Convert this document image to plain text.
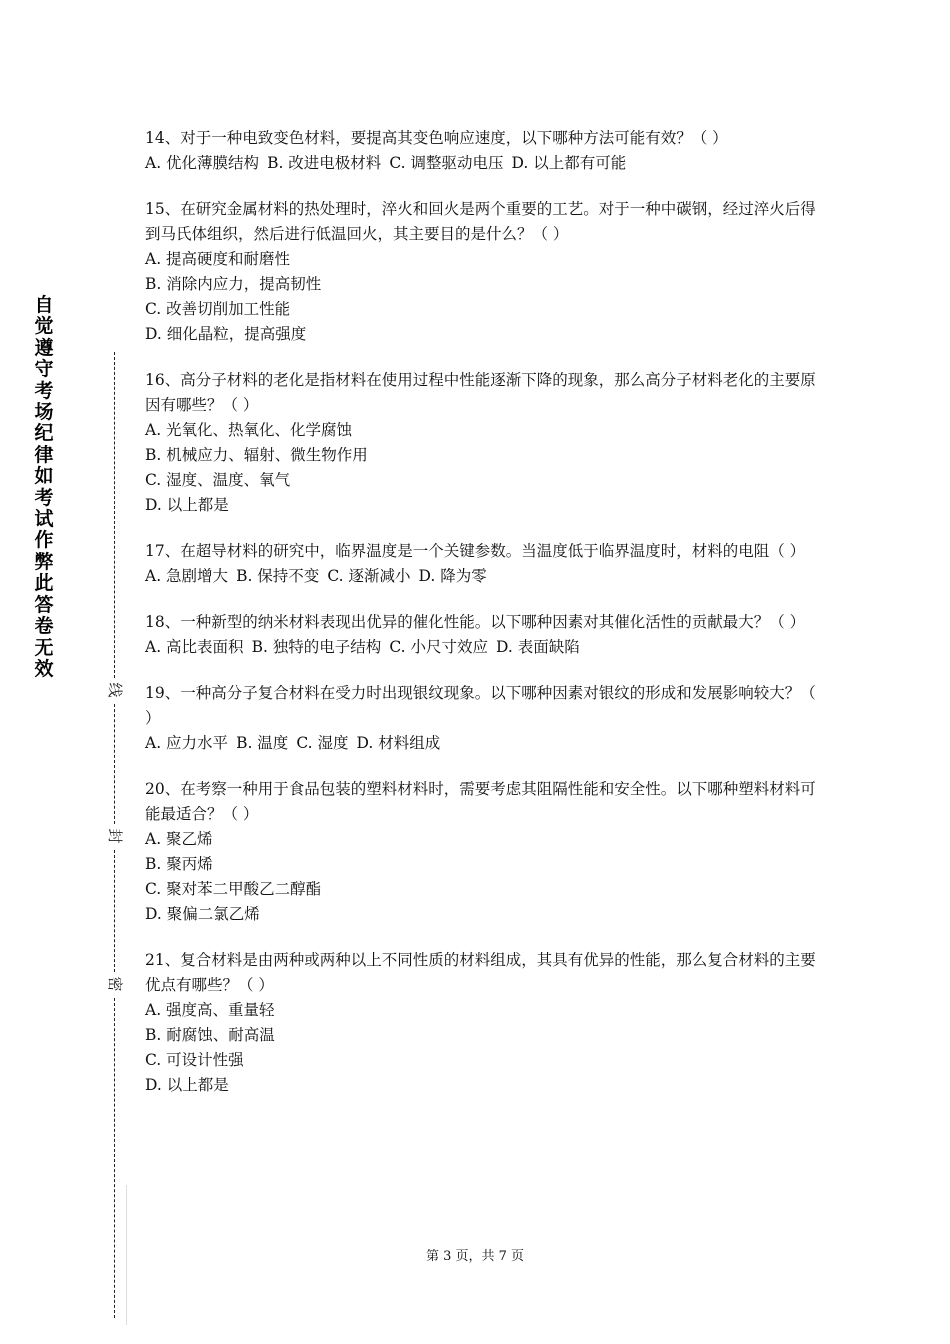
自觉遵守考场纪律如考试作弊此答卷无效
线
封
密

14、对于一种电致变色材料，要提高其变色响应速度，以下哪种方法可能有效？（ ）

A. 优化薄膜结构 B. 改进电极材料 C. 调整驱动电压 D. 以上都有可能

15、在研究金属材料的热处理时，淬火和回火是两个重要的工艺。对于一种中碳钢，经过淬火后得到马氏体组织，然后进行低温回火，其主要目的是什么？（ ）

A. 提高硬度和耐磨性

B. 消除内应力，提高韧性

C. 改善切削加工性能

D. 细化晶粒，提高强度

16、高分子材料的老化是指材料在使用过程中性能逐渐下降的现象，那么高分子材料老化的主要原因有哪些？（ ）

A. 光氧化、热氧化、化学腐蚀

B. 机械应力、辐射、微生物作用

C. 湿度、温度、氧气

D. 以上都是

17、在超导材料的研究中，临界温度是一个关键参数。当温度低于临界温度时，材料的电阻（ ）

A. 急剧增大 B. 保持不变 C. 逐渐减小 D. 降为零

18、一种新型的纳米材料表现出优异的催化性能。以下哪种因素对其催化活性的贡献最大？（ ）

A. 高比表面积 B. 独特的电子结构 C. 小尺寸效应 D. 表面缺陷

19、一种高分子复合材料在受力时出现银纹现象。以下哪种因素对银纹的形成和发展影响较大？（ ）

A. 应力水平 B. 温度 C. 湿度 D. 材料组成

20、在考察一种用于食品包装的塑料材料时，需要考虑其阻隔性能和安全性。以下哪种塑料材料可能最适合？（ ）

A. 聚乙烯

B. 聚丙烯

C. 聚对苯二甲酸乙二醇酯

D. 聚偏二氯乙烯

21、复合材料是由两种或两种以上不同性质的材料组成，其具有优异的性能，那么复合材料的主要优点有哪些？（ ）

A. 强度高、重量轻

B. 耐腐蚀、耐高温

C. 可设计性强

D. 以上都是

第 3 页，共 7 页
